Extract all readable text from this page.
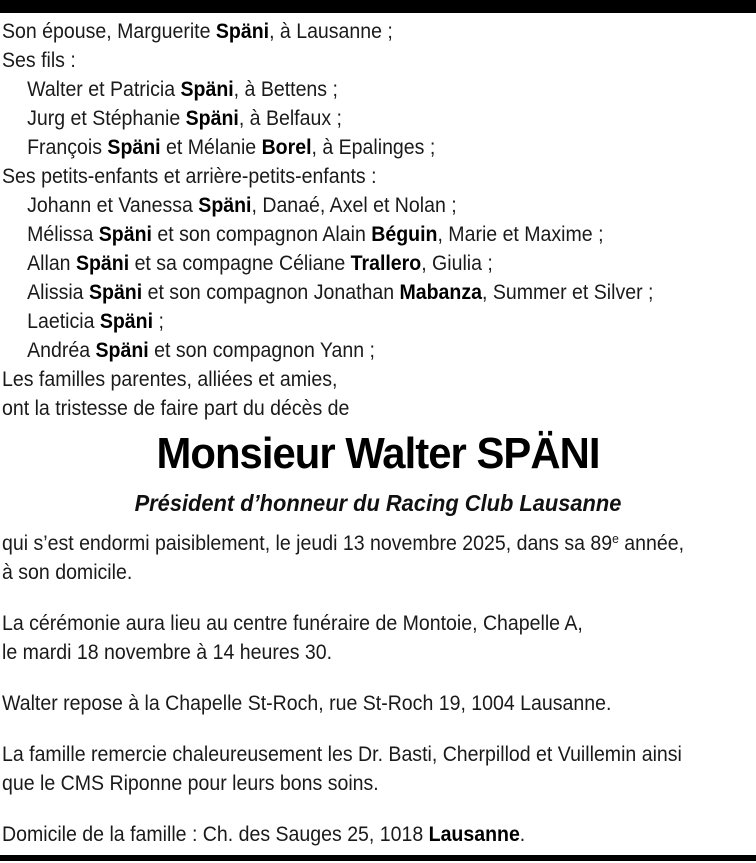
Son épouse, Marguerite Späni, à Lausanne ;
Ses fils :
Walter et Patricia Späni, à Bettens ;
Jurg et Stéphanie Späni, à Belfaux ;
François Späni et Mélanie Borel, à Epalinges ;
Ses petits-enfants et arrière-petits-enfants :
Johann et Vanessa Späni, Danaé, Axel et Nolan ;
Mélissa Späni et son compagnon Alain Béguin, Marie et Maxime ;
Allan Späni et sa compagne Céliane Trallero, Giulia ;
Alissia Späni et son compagnon Jonathan Mabanza, Summer et Silver ;
Laeticia Späni ;
Andréa Späni et son compagnon Yann ;
Les familles parentes, alliées et amies,
ont la tristesse de faire part du décès de
Monsieur Walter SPÄNI
Président d’honneur du Racing Club Lausanne
qui s’est endormi paisiblement, le jeudi 13 novembre 2025, dans sa 89e année,
à son domicile.
La cérémonie aura lieu au centre funéraire de Montoie, Chapelle A,
le mardi 18 novembre à 14 heures 30.
Walter repose à la Chapelle St-Roch, rue St-Roch 19, 1004 Lausanne.
La famille remercie chaleureusement les Dr. Basti, Cherpillod et Vuillemin ainsi
que le CMS Riponne pour leurs bons soins.
Domicile de la famille : Ch. des Sauges 25, 1018 Lausanne.
